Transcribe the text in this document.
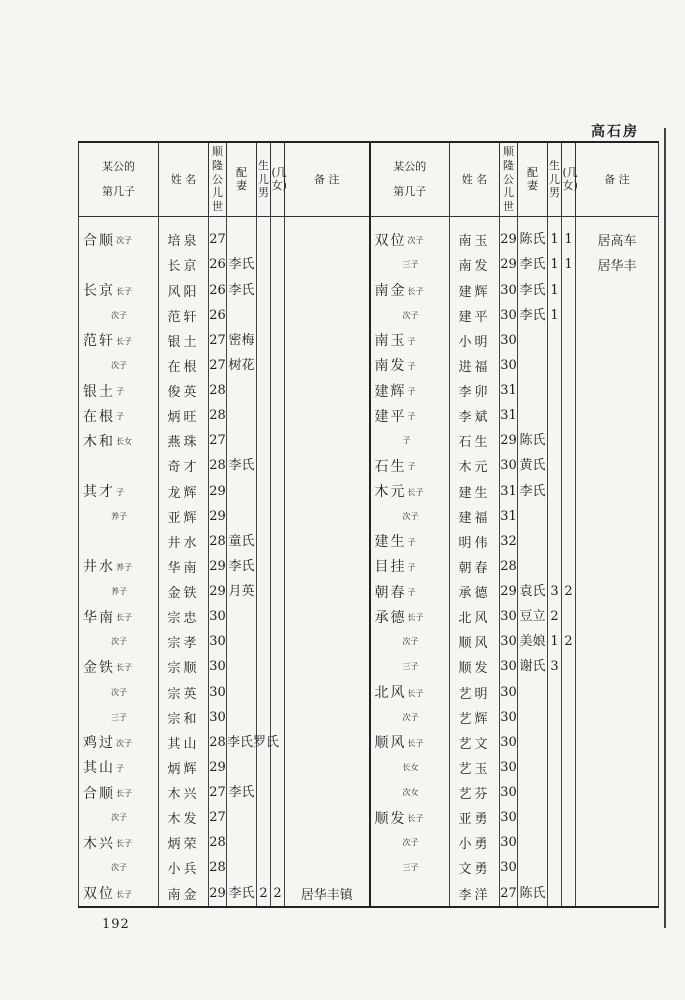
高石房
某公的
第几子	姓 名	顺隆公儿世	配 妻	生儿男	(几女)	备 注	某公的
第几子	姓 名	顺隆公儿世	配 妻	生儿男	(几女)	备 注
合顺次子	培泉	27					双位次子	南玉	29	陈氏	1	1	居高车
	长京	26	李氏				三子	南发	29	李氏	1	1	居华丰
长京长子	风阳	26	李氏				南金长子	建辉	30	李氏	1		
次子	范轩	26					次子	建平	30	李氏	1		
范轩长子	银土	27	密梅				南玉子	小明	30				
次子	在根	27	树花				南发子	进福	30				
银土子	俊英	28					建辉子	李卯	31				
在根子	炳旺	28					建平子	李斌	31				
木和长女	燕珠	27					子	石生	29	陈氏			
	奇才	28	李氏				石生子	木元	30	黄氏			
其才子	龙辉	29					木元长子	建生	31	李氏			
养子	亚辉	29					次子	建福	31				
	井水	28	童氏				建生子	明伟	32				
井水养子	华南	29	李氏				目挂子	朝春	28				
养子	金铁	29	月英				朝春子	承德	29	袁氏	3	2	
华南长子	宗忠	30					承德长子	北风	30	豆立	2		
次子	宗孝	30					次子	顺风	30	美娘	1	2	
金铁长子	宗顺	30					三子	顺发	30	谢氏	3		
次子	宗英	30					北风长子	艺明	30				
三子	宗和	30					次子	艺辉	30				
鸡过次子	其山	28	李氏罗氏				顺风长子	艺文	30				
其山子	炳辉	29					长女	艺玉	30				
合顺长子	木兴	27	李氏				次女	艺芬	30				
次子	木发	27					顺发长子	亚勇	30				
木兴长子	炳荣	28					次子	小勇	30				
次子	小兵	28					三子	文勇	30				
双位长子	南金	29	李氏	2	2	居华丰镇		李洋	27	陈氏			
192
